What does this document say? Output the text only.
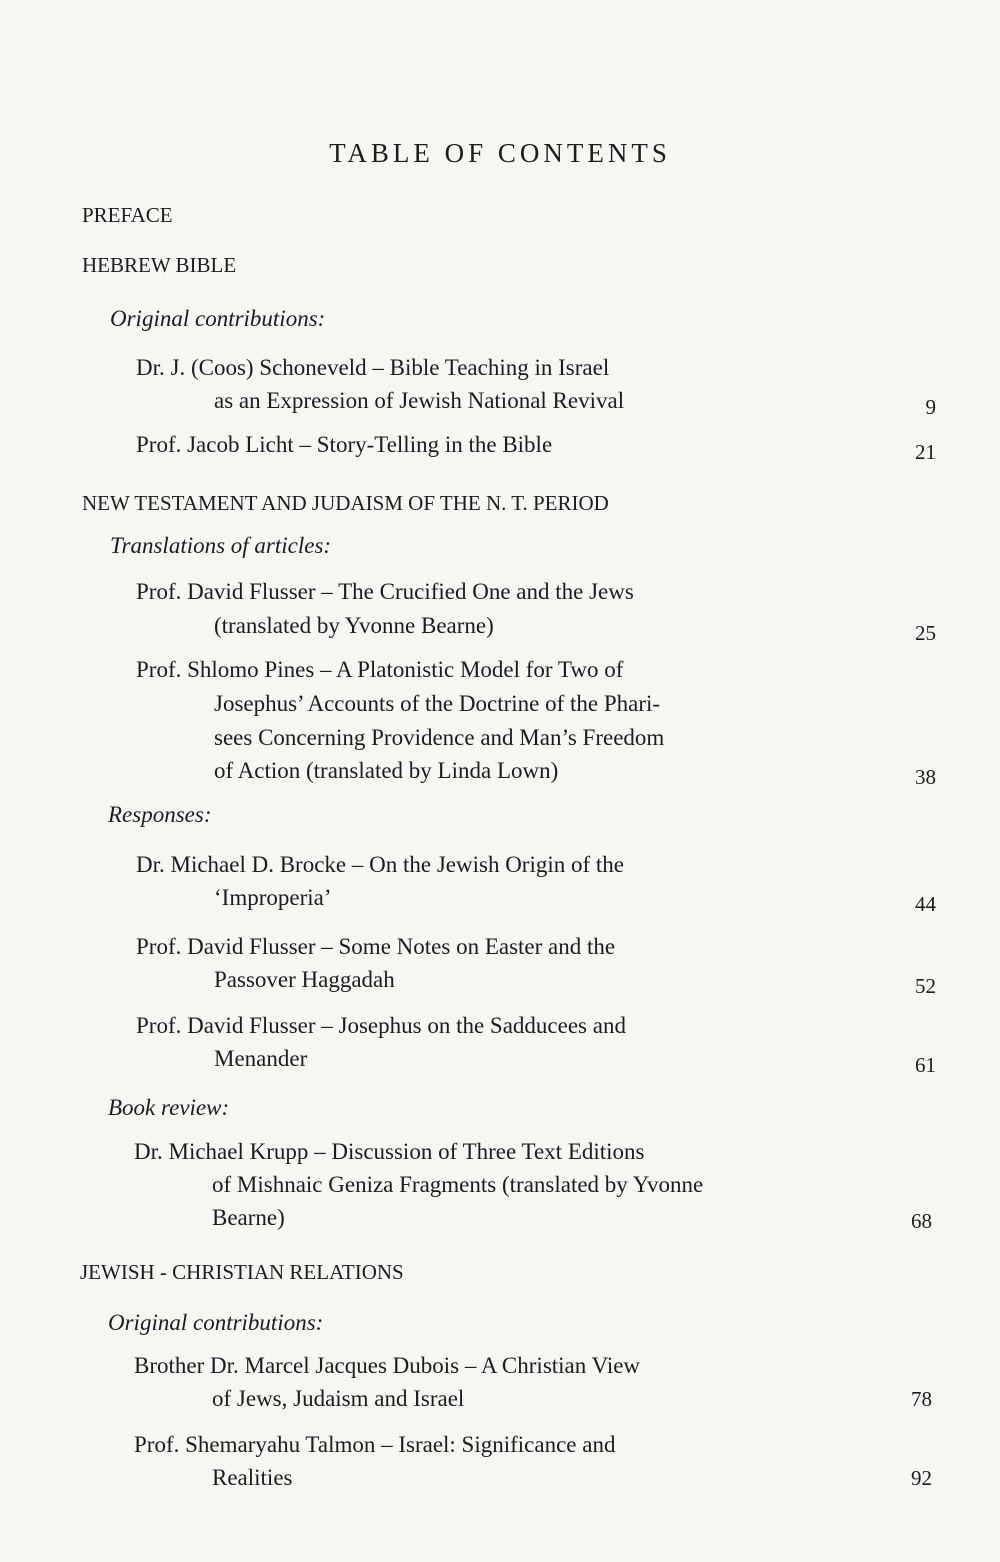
TABLE OF CONTENTS
PREFACE
HEBREW BIBLE
Original contributions:
Dr. J. (Coos) Schoneveld – Bible Teaching in Israel
as an Expression of Jewish National Revival	9
Prof. Jacob Licht – Story-Telling in the Bible	21
NEW TESTAMENT AND JUDAISM OF THE N. T. PERIOD
Translations of articles:
Prof. David Flusser – The Crucified One and the Jews
(translated by Yvonne Bearne)	25
Prof. Shlomo Pines – A Platonistic Model for Two of
Josephus’ Accounts of the Doctrine of the Phari-
sees Concerning Providence and Man’s Freedom
of Action (translated by Linda Lown)	38
Responses:
Dr. Michael D. Brocke – On the Jewish Origin of the
‘Improperia’	44
Prof. David Flusser – Some Notes on Easter and the
Passover Haggadah	52
Prof. David Flusser – Josephus on the Sadducees and
Menander	61
Book review:
Dr. Michael Krupp – Discussion of Three Text Editions
of Mishnaic Geniza Fragments (translated by Yvonne
Bearne)	68
JEWISH - CHRISTIAN RELATIONS
Original contributions:
Brother Dr. Marcel Jacques Dubois – A Christian View
of Jews, Judaism and Israel	78
Prof. Shemaryahu Talmon – Israel: Significance and
Realities	92
